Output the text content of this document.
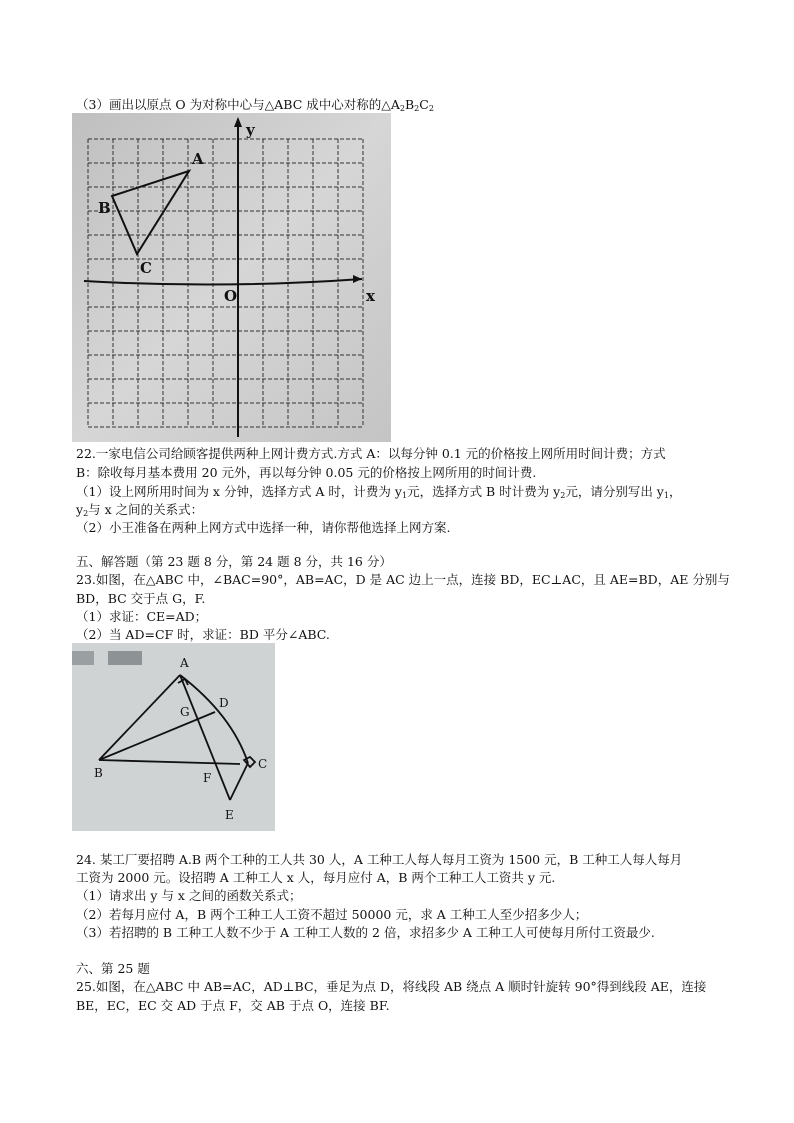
（3）画出以原点 O 为对称中心与△ABC 成中心对称的$\triangle A_2B_2C_2$
A
B
C
O	x
y
22.一家电信公司给顾客提供两种上网计费方式.方式 A：以每分钟 0.1 元的价格按上网所用时间计费；方式
B：除收每月基本费用 20 元外，再以每分钟 0.05 元的价格按上网所用的时间计费.
（1）设上网所用时间为 x 分钟，选择方式 A 时，计费为 $y_1$元，选择方式 B 时计费为 $y_2$元，请分别写出 $y_1$，
$y_2$与 x 之间的关系式：
（2）小王准备在两种上网方式中选择一种，请你帮他选择上网方案.
五、解答题（第 23 题 8 分，第 24 题 8 分，共 16 分）
23.如图，在△ABC 中，∠BAC=90°，AB=AC，D 是 AC 边上一点，连接 BD，EC⊥AC，且 AE=BD，AE 分别与
BD，BC 交于点 G，F.
（1）求证：CE=AD；
（2）当 AD=CF 时，求证：BD 平分∠ABC.
A
B
C
D
E
F
G
24. 某工厂要招聘 A.B 两个工种的工人共 30 人，A 工种工人每人每月工资为 1500 元，B 工种工人每人每月
工资为 2000 元。设招聘 A 工种工人 x 人，每月应付 A，B 两个工种工人工资共 y 元.
（1）请求出 y 与 x 之间的函数关系式；
（2）若每月应付 A，B 两个工种工人工资不超过 50000 元，求 A 工种工人至少招多少人；
（3）若招聘的 B 工种工人数不少于 A 工种工人数的 2 倍，求招多少 A 工种工人可使每月所付工资最少.
六、第 25 题
25.如图，在△ABC 中 AB=AC，AD⊥BC，垂足为点 D，将线段 AB 绕点 A 顺时针旋转 90°得到线段 AE，连接
BE，EC，EC 交 AD 于点 F，交 AB 于点 O，连接 BF.
